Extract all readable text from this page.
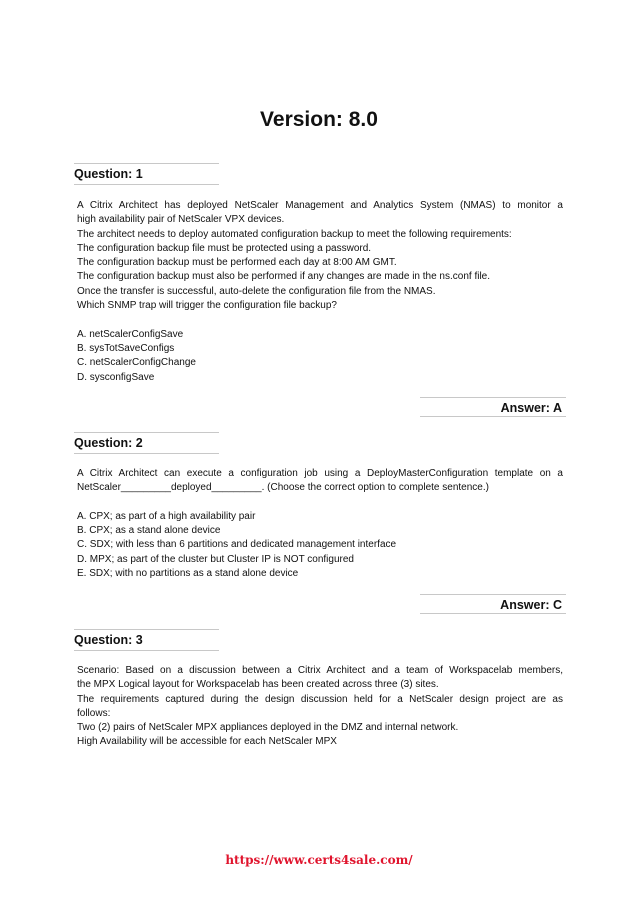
Version: 8.0
Question: 1

A Citrix Architect has deployed NetScaler Management and Analytics System (NMAS) to monitor a

high availability pair of NetScaler VPX devices.

The architect needs to deploy automated configuration backup to meet the following requirements:

The configuration backup file must be protected using a password.

The configuration backup must be performed each day at 8:00 AM GMT.

The configuration backup must also be performed if any changes are made in the ns.conf file.

Once the transfer is successful, auto-delete the configuration file from the NMAS.

Which SNMP trap will trigger the configuration file backup?

A. netScalerConfigSave

B. sysTotSaveConfigs

C. netScalerConfigChange

D. sysconfigSave

Answer: A
Question: 2

A Citrix Architect can execute a configuration job using a DeployMasterConfiguration template on a

NetScaler_________deployed_________. (Choose the correct option to complete sentence.)

A. CPX; as part of a high availability pair

B. CPX; as a stand alone device

C. SDX; with less than 6 partitions and dedicated management interface

D. MPX; as part of the cluster but Cluster IP is NOT configured

E. SDX; with no partitions as a stand alone device

Answer: C
Question: 3

Scenario: Based on a discussion between a Citrix Architect and a team of Workspacelab members,

the MPX Logical layout for Workspacelab has been created across three (3) sites.

The requirements captured during the design discussion held for a NetScaler design project are as

follows:

Two (2) pairs of NetScaler MPX appliances deployed in the DMZ and internal network.

High Availability will be accessible for each NetScaler MPX

https://www.certs4sale.com/
